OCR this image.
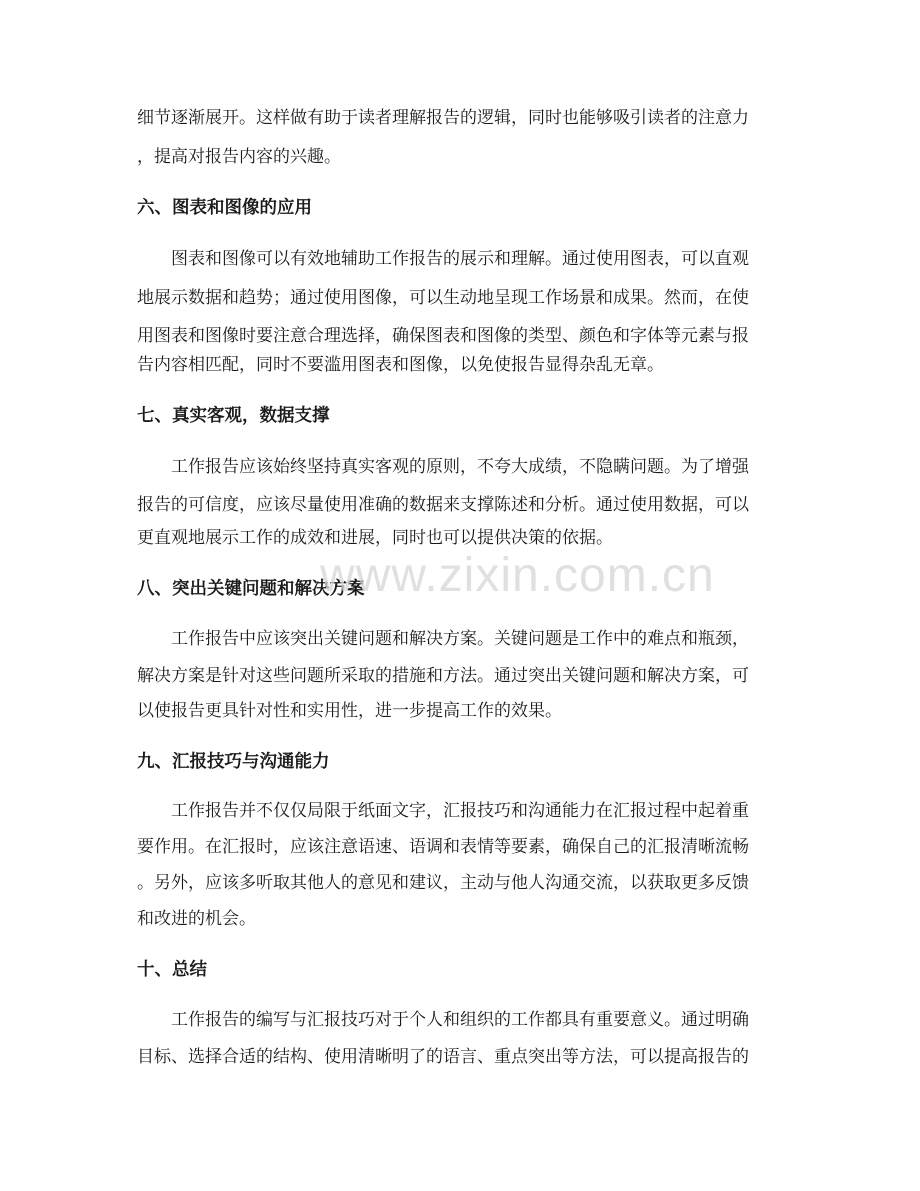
细节逐渐展开。这样做有助于读者理解报告的逻辑，同时也能够吸引读者的注意力
，提高对报告内容的兴趣。
六、图表和图像的应用
图表和图像可以有效地辅助工作报告的展示和理解。通过使用图表，可以直观
地展示数据和趋势；通过使用图像，可以生动地呈现工作场景和成果。然而，在使
用图表和图像时要注意合理选择，确保图表和图像的类型、颜色和字体等元素与报
告内容相匹配，同时不要滥用图表和图像，以免使报告显得杂乱无章。
七、真实客观，数据支撑
工作报告应该始终坚持真实客观的原则，不夸大成绩，不隐瞒问题。为了增强
报告的可信度，应该尽量使用准确的数据来支撑陈述和分析。通过使用数据，可以
更直观地展示工作的成效和进展，同时也可以提供决策的依据。
八、突出关键问题和解决方案
工作报告中应该突出关键问题和解决方案。关键问题是工作中的难点和瓶颈，
解决方案是针对这些问题所采取的措施和方法。通过突出关键问题和解决方案，可
以使报告更具针对性和实用性，进一步提高工作的效果。
九、汇报技巧与沟通能力
工作报告并不仅仅局限于纸面文字，汇报技巧和沟通能力在汇报过程中起着重
要作用。在汇报时，应该注意语速、语调和表情等要素，确保自己的汇报清晰流畅
。另外，应该多听取其他人的意见和建议，主动与他人沟通交流，以获取更多反馈
和改进的机会。
十、总结
工作报告的编写与汇报技巧对于个人和组织的工作都具有重要意义。通过明确
目标、选择合适的结构、使用清晰明了的语言、重点突出等方法，可以提高报告的
www.zixin.com.cn
